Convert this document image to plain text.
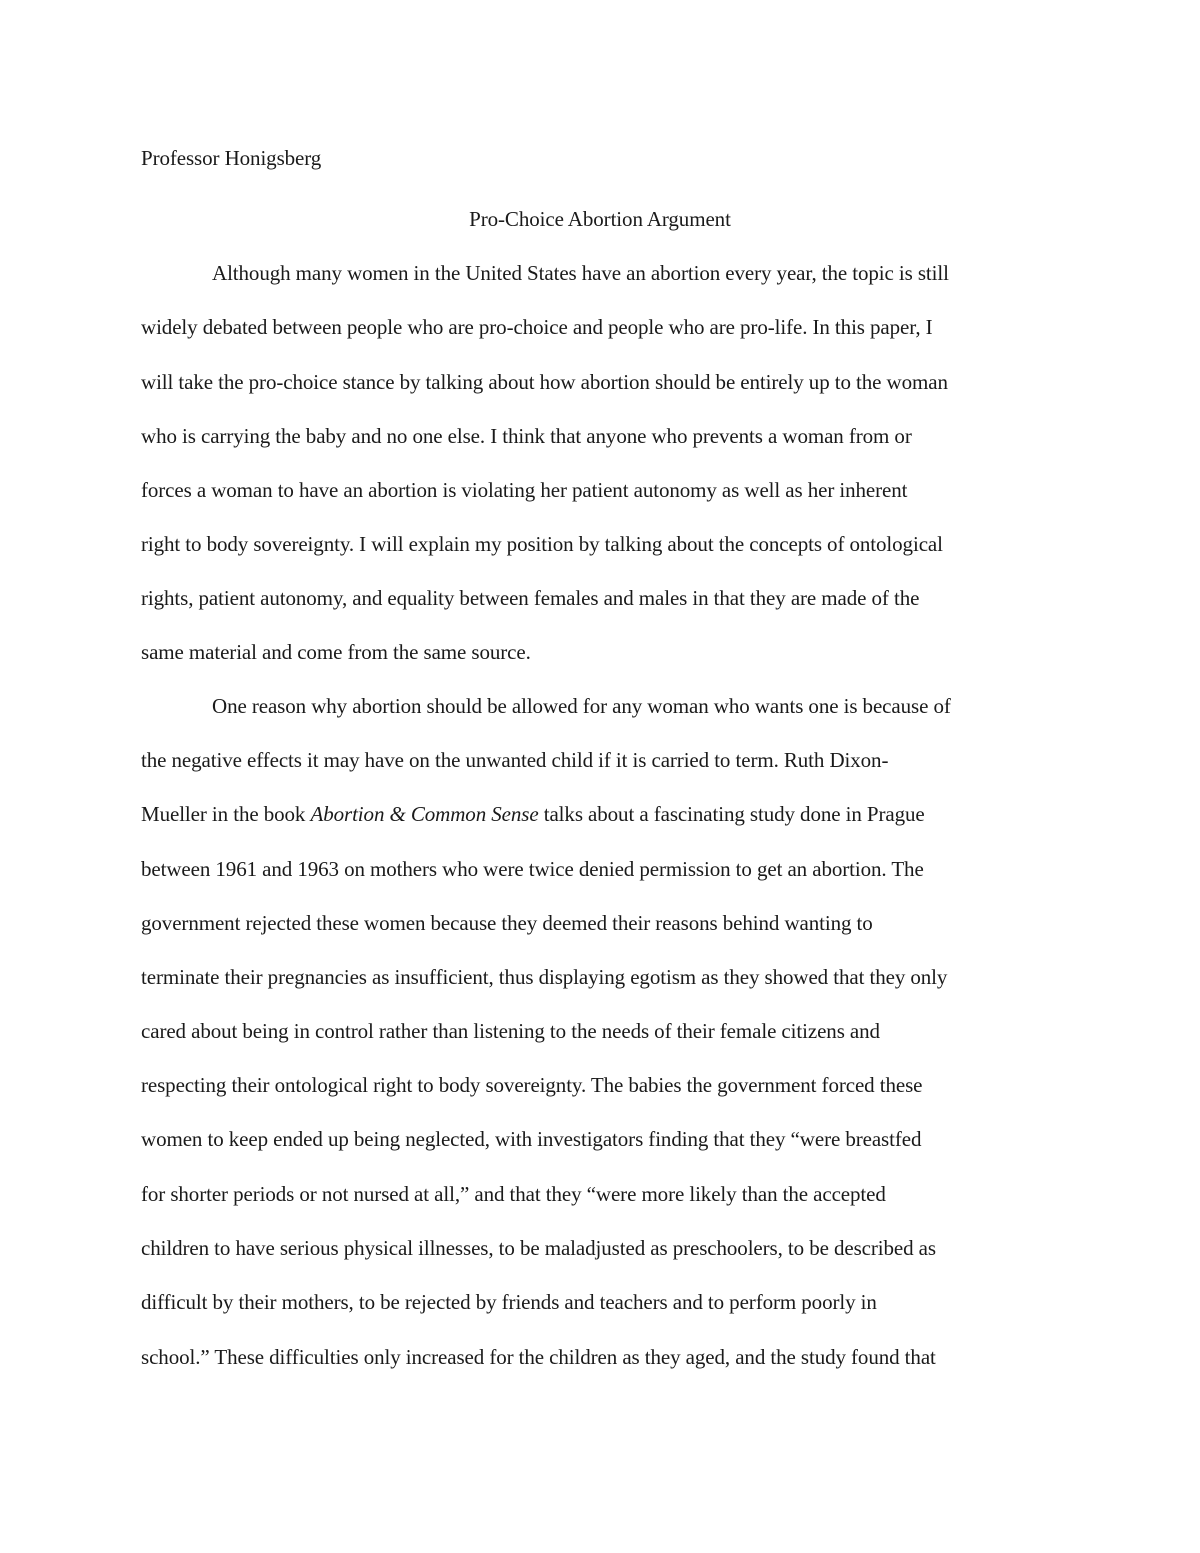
Professor Honigsberg
Pro-Choice Abortion Argument
Although many women in the United States have an abortion every year, the topic is still
widely debated between people who are pro-choice and people who are pro-life. In this paper, I
will take the pro-choice stance by talking about how abortion should be entirely up to the woman
who is carrying the baby and no one else. I think that anyone who prevents a woman from or
forces a woman to have an abortion is violating her patient autonomy as well as her inherent
right to body sovereignty. I will explain my position by talking about the concepts of ontological
rights, patient autonomy, and equality between females and males in that they are made of the
same material and come from the same source.
One reason why abortion should be allowed for any woman who wants one is because of
the negative effects it may have on the unwanted child if it is carried to term. Ruth Dixon-
Mueller in the book Abortion & Common Sense talks about a fascinating study done in Prague
between 1961 and 1963 on mothers who were twice denied permission to get an abortion. The
government rejected these women because they deemed their reasons behind wanting to
terminate their pregnancies as insufficient, thus displaying egotism as they showed that they only
cared about being in control rather than listening to the needs of their female citizens and
respecting their ontological right to body sovereignty. The babies the government forced these
women to keep ended up being neglected, with investigators finding that they “were breastfed
for shorter periods or not nursed at all,” and that they “were more likely than the accepted
children to have serious physical illnesses, to be maladjusted as preschoolers, to be described as
difficult by their mothers, to be rejected by friends and teachers and to perform poorly in
school.” These difficulties only increased for the children as they aged, and the study found that
